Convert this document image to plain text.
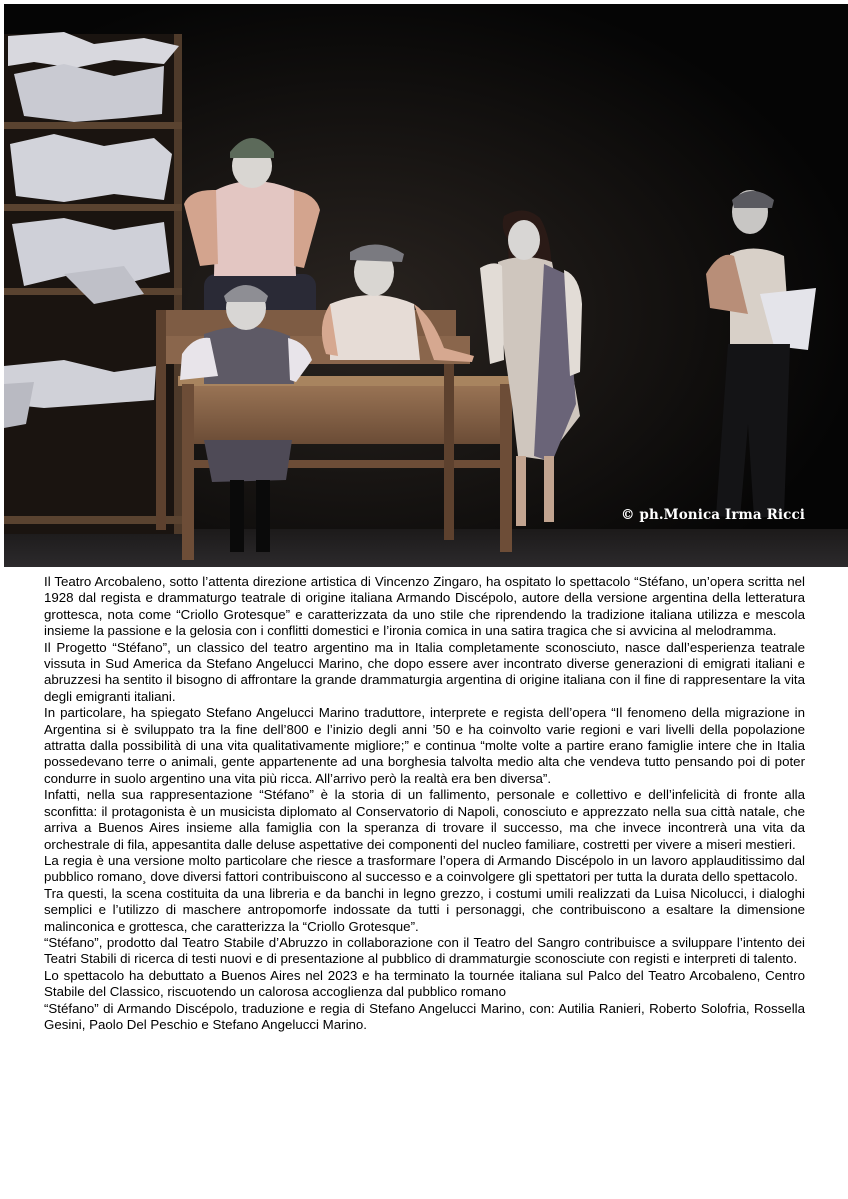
© ph.Monica Irma Ricci

Il Teatro Arcobaleno, sotto l’attenta direzione artistica di Vincenzo Zingaro, ha ospitato lo spettacolo “Stéfano, un’opera scritta nel 1928 dal regista e drammaturgo teatrale di origine italiana Armando Discépolo, autore della versione argentina della letteratura grottesca, nota come “Criollo Grotesque” e caratterizzata da uno stile che riprendendo la tradizione italiana utilizza e mescola insieme la passione e la gelosia con i conflitti domestici e l’ironia comica in una satira tragica che si avvicina al melodramma.

Il Progetto “Stéfano”, un classico del teatro argentino ma in Italia completamente sconosciuto, nasce dall’esperienza teatrale vissuta in Sud America da Stefano Angelucci Marino, che dopo essere aver incontrato diverse generazioni di emigrati italiani e abruzzesi ha sentito il bisogno di affrontare la grande drammaturgia argentina di origine italiana con il fine di rappresentare la vita degli emigranti italiani.

In particolare, ha spiegato Stefano Angelucci Marino traduttore, interprete e regista dell’opera “Il fenomeno della migrazione in Argentina si è sviluppato tra la fine dell’800 e l’inizio degli anni ’50 e ha coinvolto varie regioni e vari livelli della popolazione attratta dalla possibilità di una vita qualitativamente migliore;” e continua “molte volte a partire erano famiglie intere che in Italia possedevano terre o animali, gente appartenente ad una borghesia talvolta medio alta che vendeva tutto pensando poi di poter condurre in suolo argentino una vita più ricca. All’arrivo però la realtà era ben diversa”.

Infatti, nella sua rappresentazione “Stéfano” è la storia di un fallimento, personale e collettivo e dell’infelicità di fronte alla sconfitta: il protagonista è un musicista diplomato al Conservatorio di Napoli, conosciuto e apprezzato nella sua città natale, che arriva a Buenos Aires insieme alla famiglia con la speranza di trovare il successo, ma che invece incontrerà una vita da orchestrale di fila, appesantita dalle deluse aspettative dei componenti del nucleo familiare, costretti per vivere a miseri mestieri.

La regia è una versione molto particolare che riesce a trasformare l’opera di Armando Discépolo in un lavoro applauditissimo dal pubblico romano¸ dove diversi fattori contribuiscono al successo e a coinvolgere gli spettatori per tutta la durata dello spettacolo.

Tra questi, la scena costituita da una libreria e da banchi in legno grezzo, i costumi umili realizzati da Luisa Nicolucci, i dialoghi semplici e l’utilizzo di maschere antropomorfe indossate da tutti i personaggi, che contribuiscono a esaltare la dimensione malinconica e grottesca, che caratterizza la “Criollo Grotesque”.

“Stéfano”, prodotto dal Teatro Stabile d’Abruzzo in collaborazione con il Teatro del Sangro contribuisce a sviluppare l’intento dei Teatri Stabili di ricerca di testi nuovi e di presentazione al pubblico di drammaturgie sconosciute con registi e interpreti di talento.

Lo spettacolo ha debuttato a Buenos Aires nel 2023 e ha terminato la tournée italiana sul Palco del Teatro Arcobaleno, Centro Stabile del Classico, riscuotendo un calorosa accoglienza dal pubblico romano

“Stéfano” di Armando Discépolo, traduzione e regia di Stefano Angelucci Marino, con: Autilia Ranieri, Roberto Solofria, Rossella Gesini, Paolo Del Peschio e Stefano Angelucci Marino.
